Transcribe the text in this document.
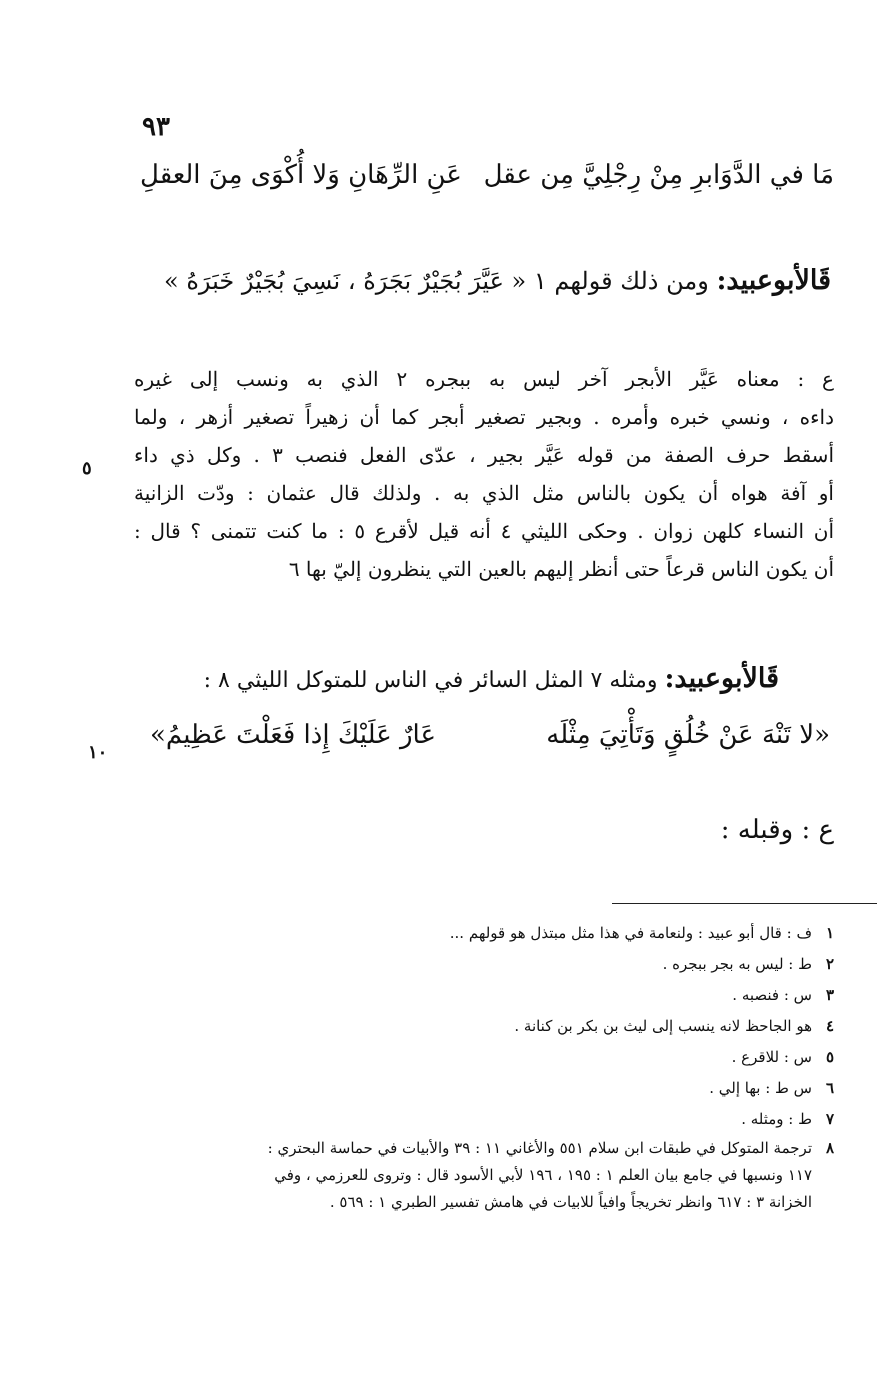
٩٣
مَا في الدَّوَابرِ مِنْ رِجْلِيَّ مِن عقل
عَنِ الرِّهَانِ وَلا أُكْوَى مِنَ العقلِ
قَالأبوعبيد: ومن ذلك قولهم ١ « عَيَّرَ بُجَيْرٌ بَجَرَهُ ، نَسِيَ بُجَيْرٌ خَبَرَهُ »
ع : معناه عَيَّر الأبجر آخر ليس به ببجره ٢ الذي به ونسب إلى غيره
داءه ، ونسي خبره وأمره . وبجير تصغير أبجر كما أن زهيراً تصغير أزهر ، ولما
أسقط حرف الصفة من قوله عَيَّر بجير ، عدّى الفعل فنصب ٣ . وكل ذي داء
أو آفة هواه أن يكون بالناس مثل الذي به . ولذلك قال عثمان : ودّت الزانية
أن النساء كلهن زوان . وحكى الليثي ٤ أنه قيل لأقرع ٥ : ما كنت تتمنى ؟ قال :
أن يكون الناس قرعاً حتى أنظر إليهم بالعين التي ينظرون إليّ بها ٦
٥
١٠
قَالأبوعبيد: ومثله ٧ المثل السائر في الناس للمتوكل الليثي ٨ :
«لا تَنْهَ عَنْ خُلُقٍ وَتَأْتِيَ مِثْلَه
عَارٌ عَلَيْكَ إِذا فَعَلْتَ عَظِيمُ»
ع : وقبله :
١ف : قال أبو عبيد : ولنعامة في هذا مثل مبتذل هو قولهم ...
٢ط : ليس به بجر ببجره .
٣س : فنصبه .
٤هو الجاحظ لانه ينسب إلى ليث بن بكر بن كنانة .
٥س : للاقرع .
٦س ط : بها إلي .
٧ط : ومثله .
٨ترجمة المتوكل في طبقات ابن سلام ٥٥١ والأغاني ١١ : ٣٩ والأبيات في حماسة البحتري :
١١٧ ونسبها في جامع بيان العلم ١ : ١٩٥ ، ١٩٦ لأبي الأسود قال : وتروى للعرزمي ، وفي
الخزانة ٣ : ٦١٧ وانظر تخريجاً وافياً للابيات في هامش تفسير الطبري ١ : ٥٦٩ .
